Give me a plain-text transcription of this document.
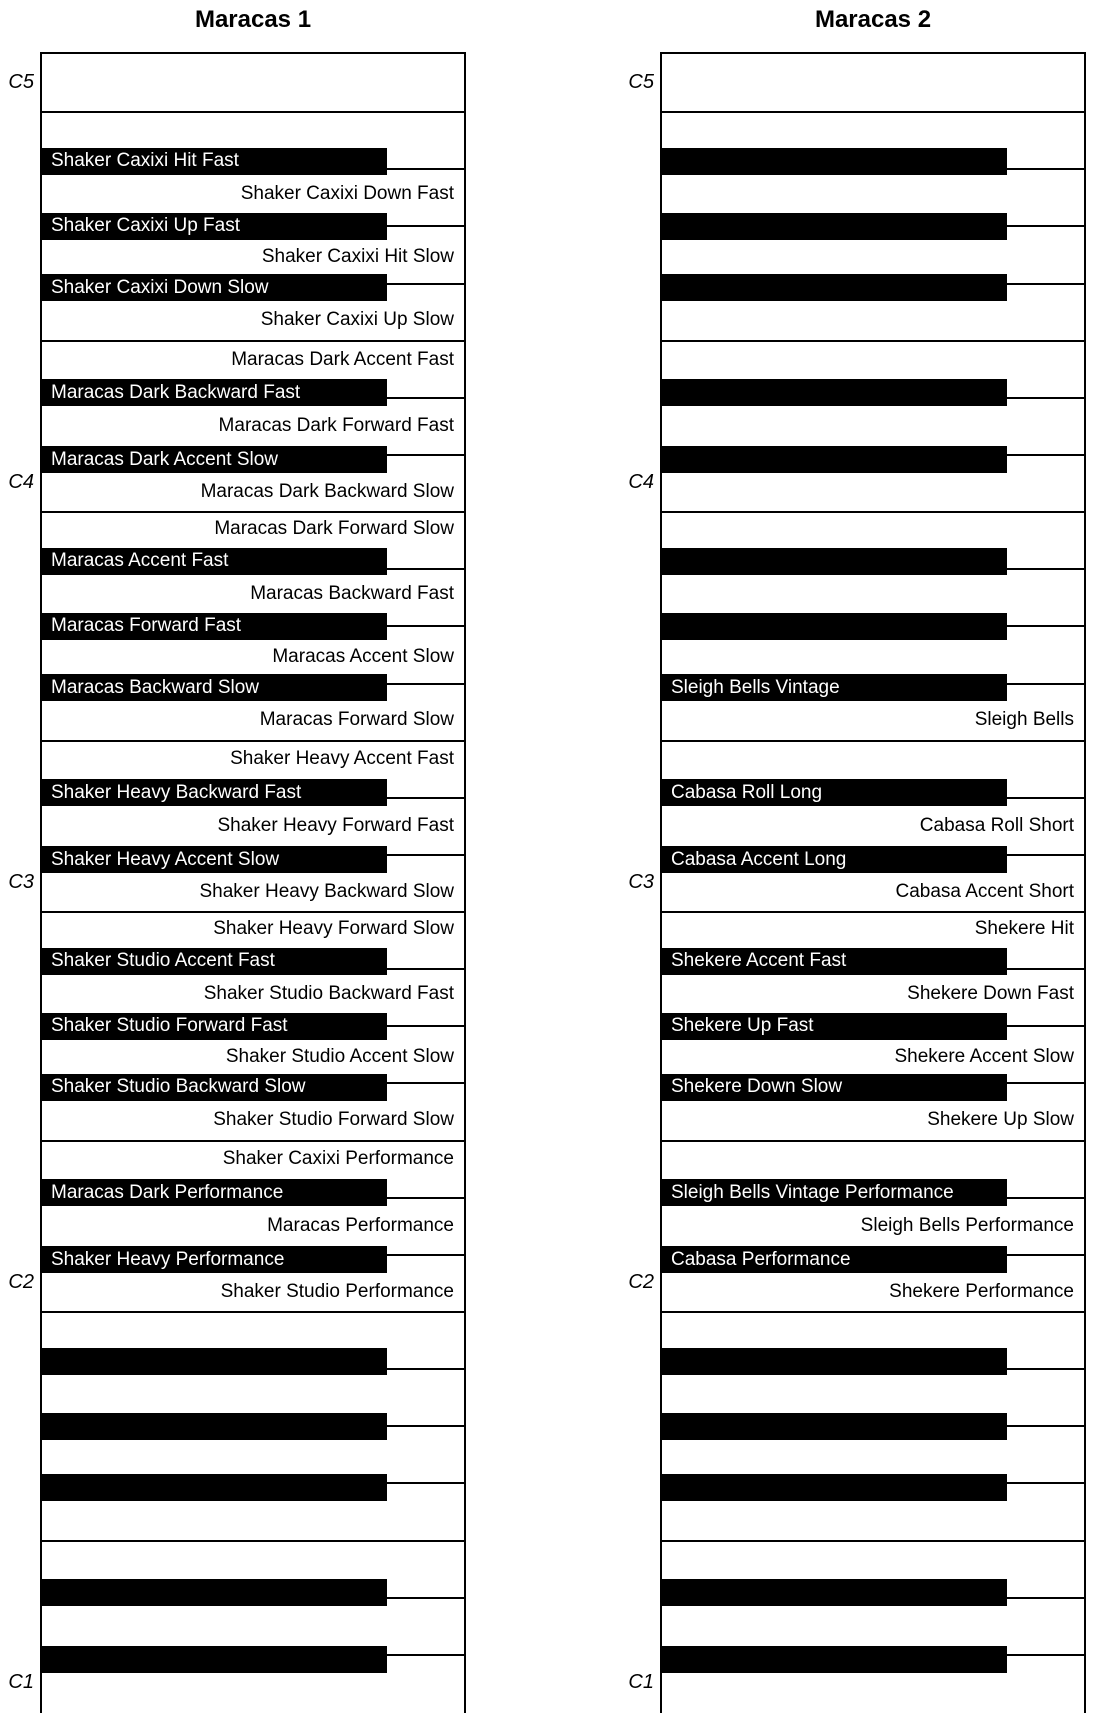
Maracas 1	Maracas 2
C5
Shaker Caxixi Hit Fast
Shaker Caxixi Down Fast
Shaker Caxixi Up Fast
Shaker Caxixi Hit Slow
Shaker Caxixi Down Slow
Shaker Caxixi Up Slow
Maracas Dark Accent Fast
Maracas Dark Backward Fast
Maracas Dark Forward Fast
Maracas Dark Accent Slow
Maracas Dark Backward Slow
C4
Maracas Dark Forward Slow
Maracas Accent Fast
Maracas Backward Fast
Maracas Forward Fast
Maracas Accent Slow
Maracas Backward Slow
Maracas Forward Slow
Shaker Heavy Accent Fast
Shaker Heavy Backward Fast
Shaker Heavy Forward Fast
Shaker Heavy Accent Slow
Shaker Heavy Backward Slow
C3
Shaker Heavy Forward Slow
Shaker Studio Accent Fast
Shaker Studio Backward Fast
Shaker Studio Forward Fast
Shaker Studio Accent Slow
Shaker Studio Backward Slow
Shaker Studio Forward Slow
Shaker Caxixi Performance
Maracas Dark Performance
Maracas Performance
Shaker Heavy Performance
Shaker Studio Performance
C2
C1
C5
C4
Sleigh Bells Vintage
Sleigh Bells
Cabasa Roll Long
Cabasa Roll Short
Cabasa Accent Long
Cabasa Accent Short
C3
Shekere Hit
Shekere Accent Fast
Shekere Down Fast
Shekere Up Fast
Shekere Accent Slow
Shekere Down Slow
Shekere Up Slow
Sleigh Bells Vintage Performance
Sleigh Bells Performance
Cabasa Performance
Shekere Performance
C2
C1
